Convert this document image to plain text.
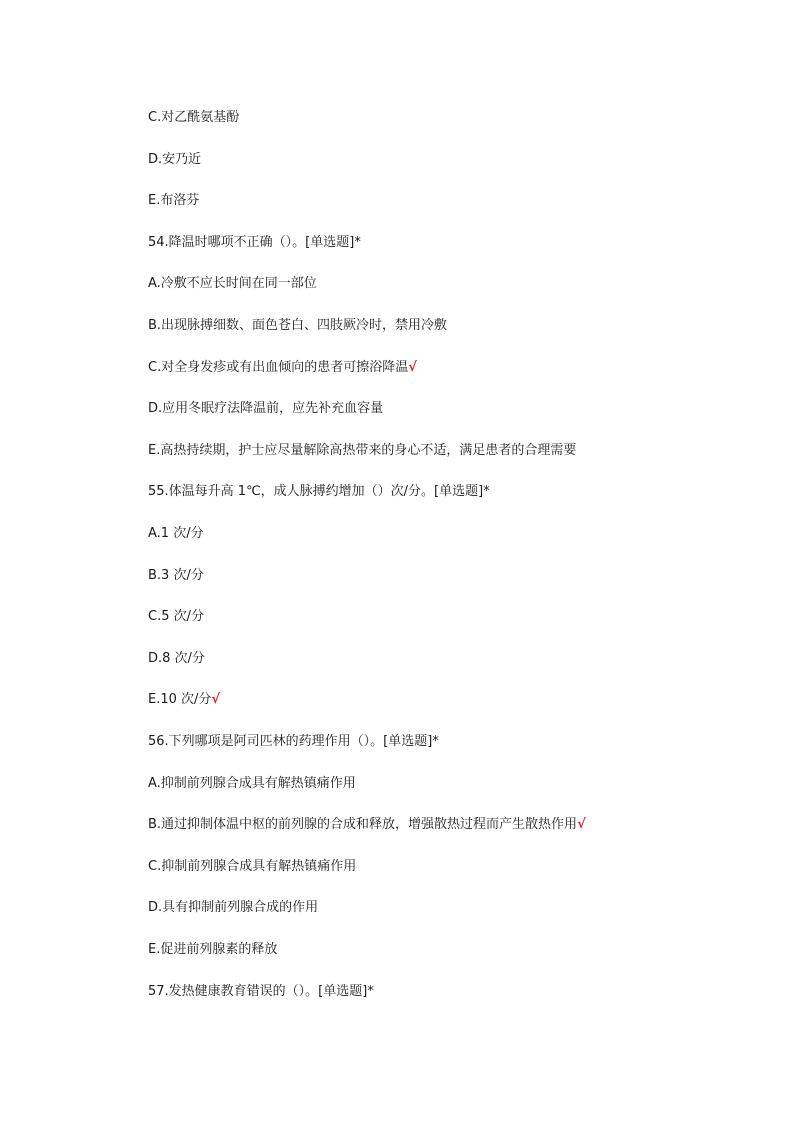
C.对乙酰氨基酚
D.安乃近
E.布洛芬
54.降温时哪项不正确（）。[单选题]*
A.冷敷不应长时间在同一部位
B.出现脉搏细数、面色苍白、四肢厥冷时，禁用冷敷
C.对全身发疹或有出血倾向的患者可擦浴降温√
D.应用冬眠疗法降温前，应先补充血容量
E.高热持续期，护士应尽量解除高热带来的身心不适，满足患者的合理需要
55.体温每升高 1℃，成人脉搏约增加（）次/分。[单选题]*
A.1 次/分
B.3 次/分
C.5 次/分
D.8 次/分
E.10 次/分√
56.下列哪项是阿司匹林的药理作用（）。[单选题]*
A.抑制前列腺合成具有解热镇痛作用
B.通过抑制体温中枢的前列腺的合成和释放，增强散热过程而产生散热作用√
C.抑制前列腺合成具有解热镇痛作用
D.具有抑制前列腺合成的作用
E.促进前列腺素的释放
57.发热健康教育错误的（）。[单选题]*
